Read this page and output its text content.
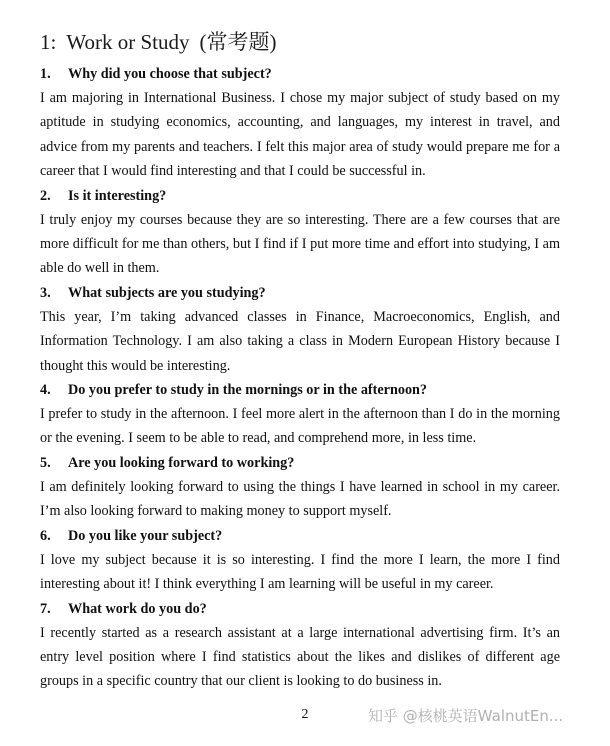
1: Work or Study (常考题)

1. Why did you choose that subject?

I am majoring in International Business. I chose my major subject of study based on my aptitude in studying economics, accounting, and languages, my interest in travel, and advice from my parents and teachers. I felt this major area of study would prepare me for a career that I would find interesting and that I could be successful in.

2. Is it interesting?

I truly enjoy my courses because they are so interesting. There are a few courses that are more difficult for me than others, but I find if I put more time and effort into studying, I am able do well in them.

3. What subjects are you studying?

This year, I’m taking advanced classes in Finance, Macroeconomics, English, and Information Technology. I am also taking a class in Modern European History because I thought this would be interesting.

4. Do you prefer to study in the mornings or in the afternoon?

I prefer to study in the afternoon. I feel more alert in the afternoon than I do in the morning or the evening. I seem to be able to read, and comprehend more, in less time.

5. Are you looking forward to working?

I am definitely looking forward to using the things I have learned in school in my career. I’m also looking forward to making money to support myself.

6. Do you like your subject?

I love my subject because it is so interesting. I find the more I learn, the more I find interesting about it! I think everything I am learning will be useful in my career.

7. What work do you do?

I recently started as a research assistant at a large international advertising firm. It’s an entry level position where I find statistics about the likes and dislikes of different age groups in a specific country that our client is looking to do business in.

2	知乎 @核桃英语WalnutEn...
